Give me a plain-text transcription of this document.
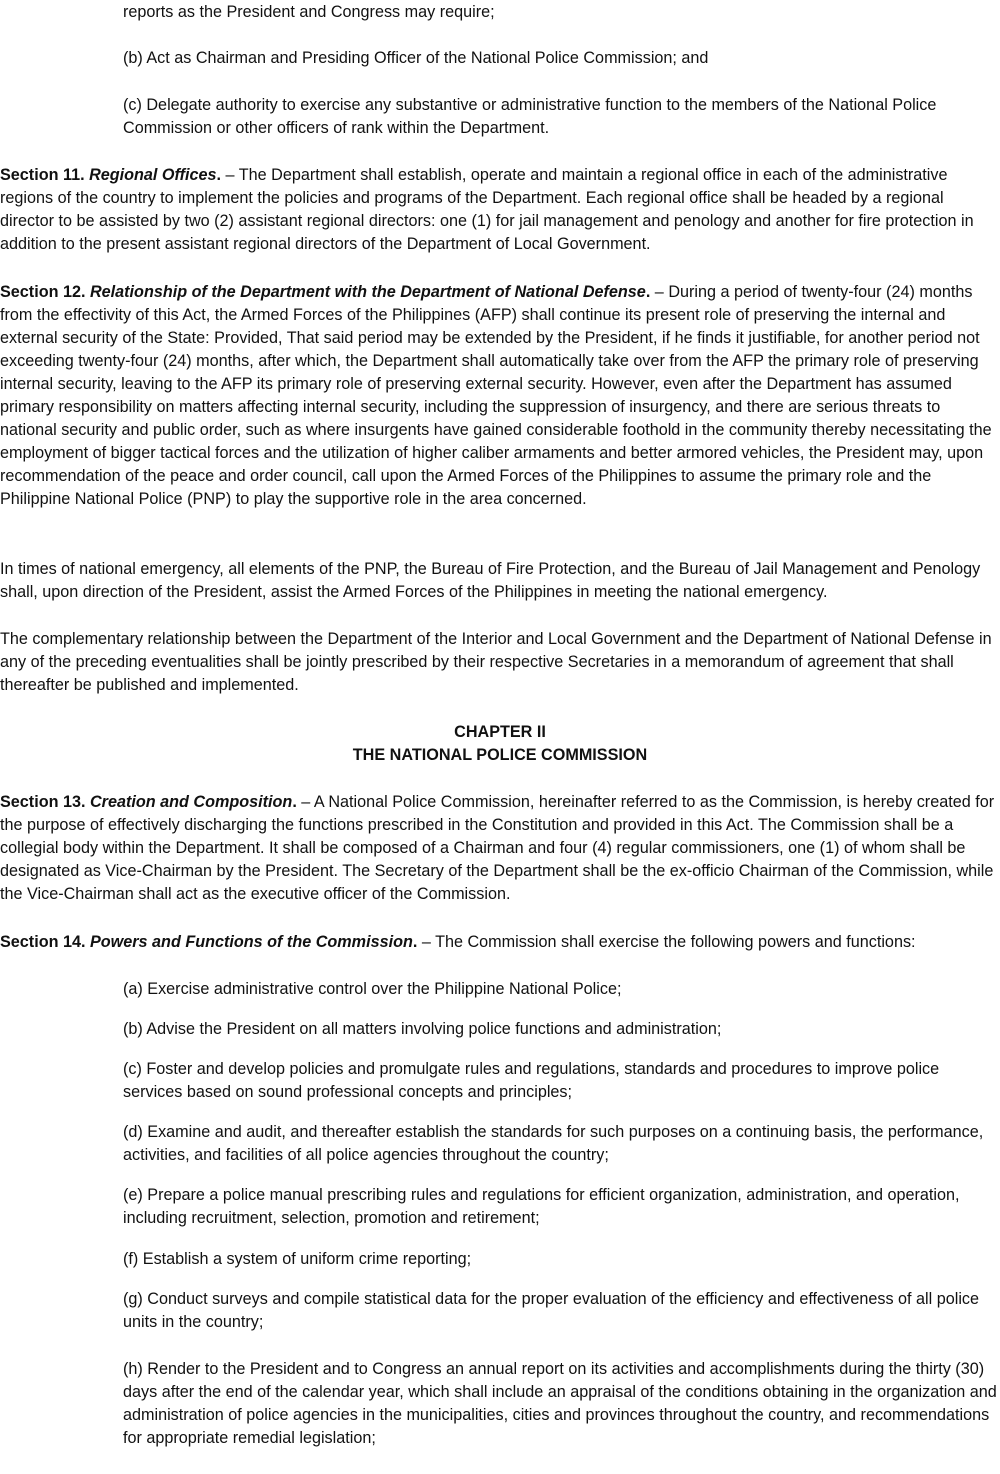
reports as the President and Congress may require;

(b) Act as Chairman and Presiding Officer of the National Police Commission; and

(c) Delegate authority to exercise any substantive or administrative function to the members of the National Police Commission or other officers of rank within the Department.

Section 11. Regional Offices. – The Department shall establish, operate and maintain a regional office in each of the administrative regions of the country to implement the policies and programs of the Department. Each regional office shall be headed by a regional director to be assisted by two (2) assistant regional directors: one (1) for jail management and penology and another for fire protection in addition to the present assistant regional directors of the Department of Local Government.

Section 12. Relationship of the Department with the Department of National Defense. – During a period of twenty-four (24) months from the effectivity of this Act, the Armed Forces of the Philippines (AFP) shall continue its present role of preserving the internal and external security of the State: Provided, That said period may be extended by the President, if he finds it justifiable, for another period not exceeding twenty-four (24) months, after which, the Department shall automatically take over from the AFP the primary role of preserving internal security, leaving to the AFP its primary role of preserving external security. However, even after the Department has assumed primary responsibility on matters affecting internal security, including the suppression of insurgency, and there are serious threats to national security and public order, such as where insurgents have gained considerable foothold in the community thereby necessitating the employment of bigger tactical forces and the utilization of higher caliber armaments and better armored vehicles, the President may, upon recommendation of the peace and order council, call upon the Armed Forces of the Philippines to assume the primary role and the Philippine National Police (PNP) to play the supportive role in the area concerned.

In times of national emergency, all elements of the PNP, the Bureau of Fire Protection, and the Bureau of Jail Management and Penology shall, upon direction of the President, assist the Armed Forces of the Philippines in meeting the national emergency.

The complementary relationship between the Department of the Interior and Local Government and the Department of National Defense in any of the preceding eventualities shall be jointly prescribed by their respective Secretaries in a memorandum of agreement that shall thereafter be published and implemented.

CHAPTER II
THE NATIONAL POLICE COMMISSION

Section 13. Creation and Composition. – A National Police Commission, hereinafter referred to as the Commission, is hereby created for the purpose of effectively discharging the functions prescribed in the Constitution and provided in this Act. The Commission shall be a collegial body within the Department. It shall be composed of a Chairman and four (4) regular commissioners, one (1) of whom shall be designated as Vice-Chairman by the President. The Secretary of the Department shall be the ex-officio Chairman of the Commission, while the Vice-Chairman shall act as the executive officer of the Commission.

Section 14. Powers and Functions of the Commission. – The Commission shall exercise the following powers and functions:

(a) Exercise administrative control over the Philippine National Police;

(b) Advise the President on all matters involving police functions and administration;

(c) Foster and develop policies and promulgate rules and regulations, standards and procedures to improve police services based on sound professional concepts and principles;

(d) Examine and audit, and thereafter establish the standards for such purposes on a continuing basis, the performance, activities, and facilities of all police agencies throughout the country;

(e) Prepare a police manual prescribing rules and regulations for efficient organization, administration, and operation, including recruitment, selection, promotion and retirement;

(f) Establish a system of uniform crime reporting;

(g) Conduct surveys and compile statistical data for the proper evaluation of the efficiency and effectiveness of all police units in the country;

(h) Render to the President and to Congress an annual report on its activities and accomplishments during the thirty (30) days after the end of the calendar year, which shall include an appraisal of the conditions obtaining in the organization and administration of police agencies in the municipalities, cities and provinces throughout the country, and recommendations for appropriate remedial legislation;
